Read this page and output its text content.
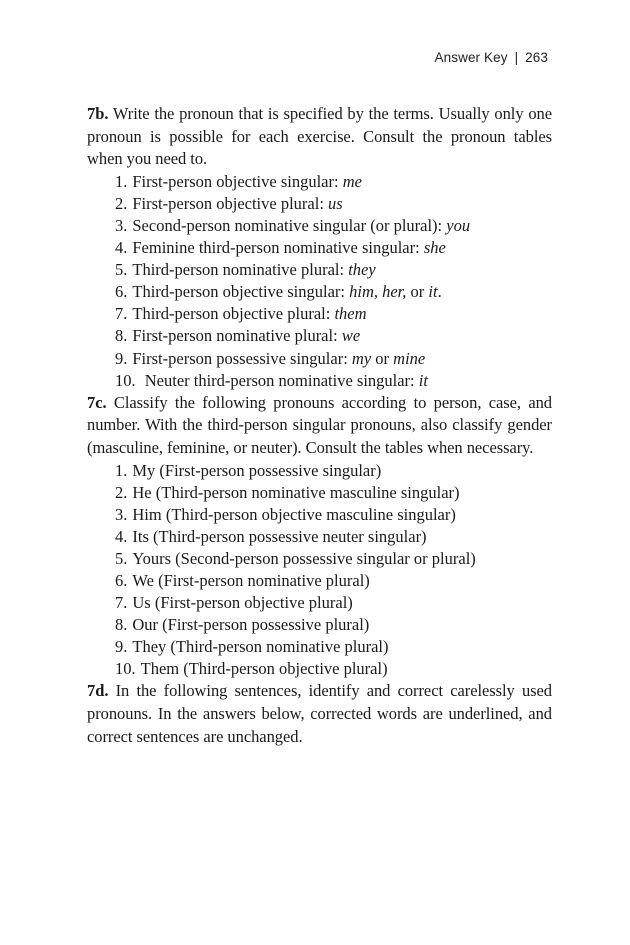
Answer Key | 263

7b. Write the pronoun that is specified by the terms. Usually only one pronoun is possible for each exercise. Consult the pronoun tables when you need to.

1. First-person objective singular: me
2. First-person objective plural: us
3. Second-person nominative singular (or plural): you
4. Feminine third-person nominative singular: she
5. Third-person nominative plural: they
6. Third-person objective singular: him, her, or it.
7. Third-person objective plural: them
8. First-person nominative plural: we
9. First-person possessive singular: my or mine
10. Neuter third-person nominative singular: it

7c. Classify the following pronouns according to person, case, and number. With the third-person singular pronouns, also classify gender (masculine, feminine, or neuter). Consult the tables when necessary.

1. My (First-person possessive singular)
2. He (Third-person nominative masculine singular)
3. Him (Third-person objective masculine singular)
4. Its (Third-person possessive neuter singular)
5. Yours (Second-person possessive singular or plural)
6. We (First-person nominative plural)
7. Us (First-person objective plural)
8. Our (First-person possessive plural)
9. They (Third-person nominative plural)
10. Them (Third-person objective plural)

7d. In the following sentences, identify and correct carelessly used pronouns. In the answers below, corrected words are underlined, and correct sentences are unchanged.
